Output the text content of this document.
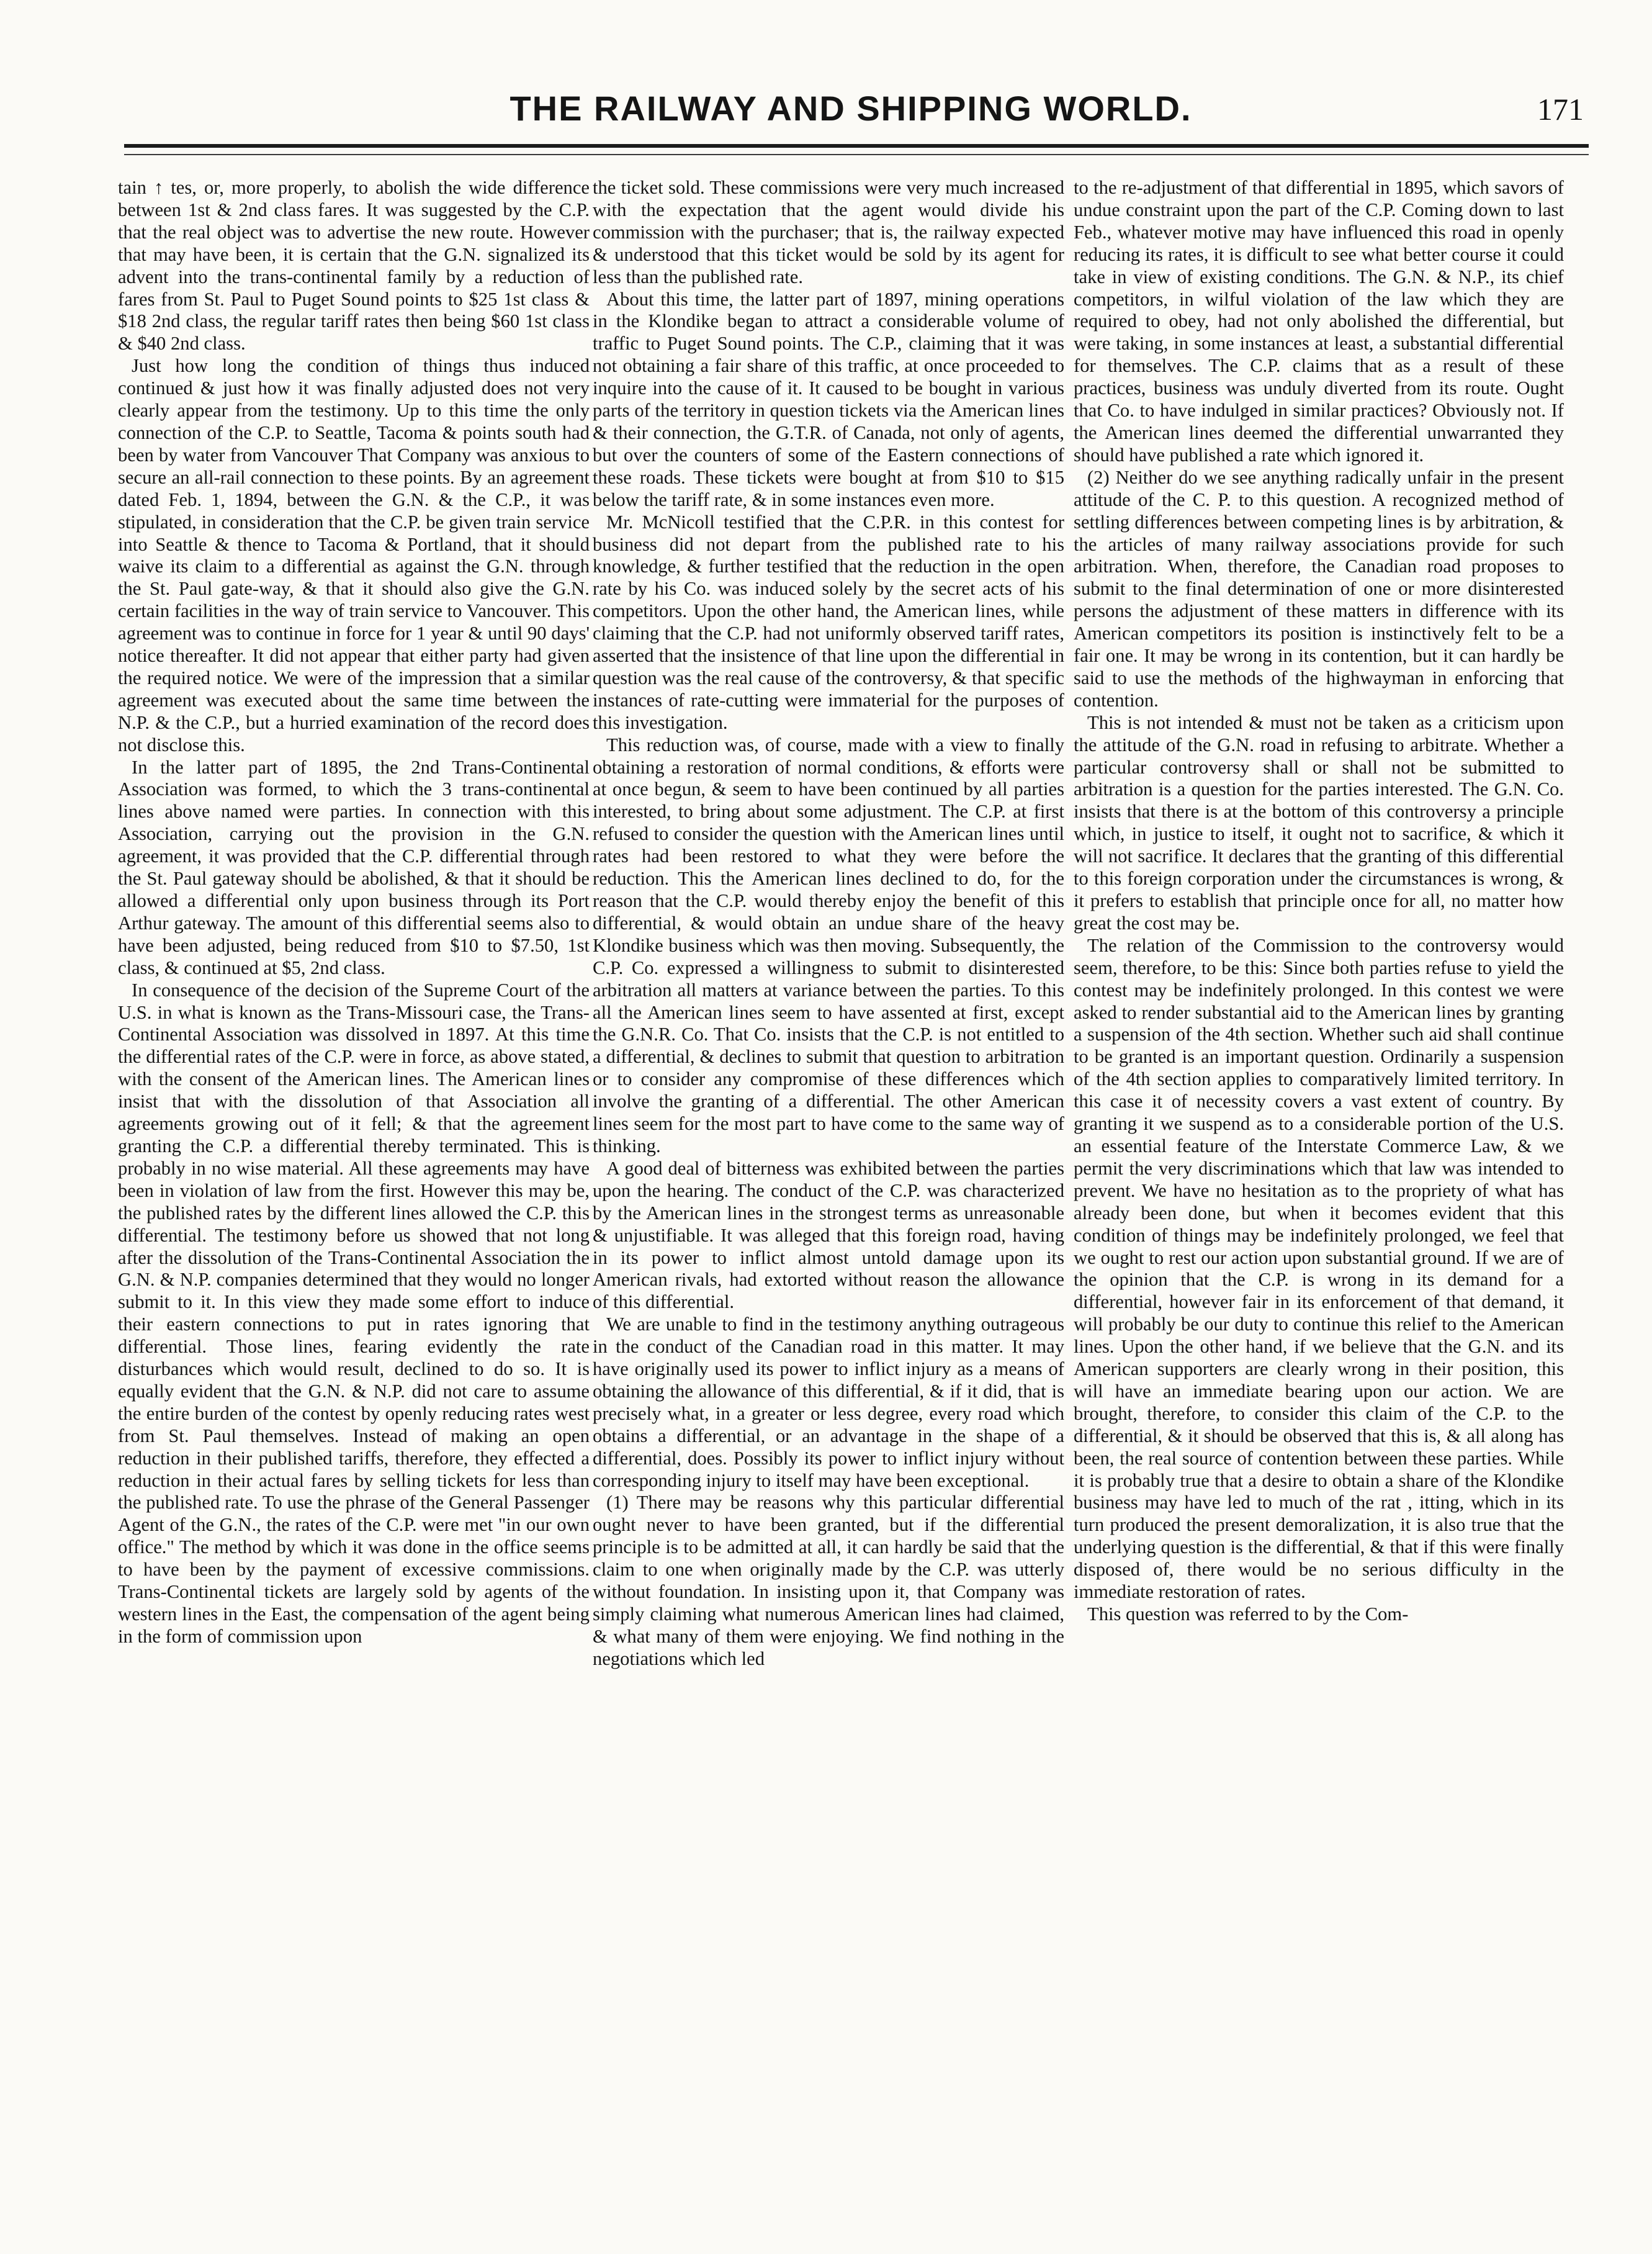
THE RAILWAY AND SHIPPING WORLD.	171

tain ↑ tes, or, more properly, to abolish the wide difference between 1st & 2nd class fares. It was suggested by the C.P. that the real object was to advertise the new route. However that may have been, it is certain that the G.N. signalized its advent into the trans-continental family by a reduction of fares from St. Paul to Puget Sound points to $25 1st class & $18 2nd class, the regular tariff rates then being $60 1st class & $40 2nd class.

Just how long the condition of things thus induced continued & just how it was finally adjusted does not very clearly appear from the testimony. Up to this time the only connection of the C.P. to Seattle, Tacoma & points south had been by water from Vancouver That Company was anxious to secure an all-rail connection to these points. By an agreement dated Feb. 1, 1894, between the G.N. & the C.P., it was stipulated, in consideration that the C.P. be given train service into Seattle & thence to Tacoma & Portland, that it should waive its claim to a differential as against the G.N. through the St. Paul gate-way, & that it should also give the G.N. certain facilities in the way of train service to Vancouver. This agreement was to continue in force for 1 year & until 90 days' notice thereafter. It did not appear that either party had given the required notice. We were of the impression that a similar agreement was executed about the same time between the N.P. & the C.P., but a hurried examination of the record does not disclose this.

In the latter part of 1895, the 2nd Trans-Continental Association was formed, to which the 3 trans-continental lines above named were parties. In connection with this Association, carrying out the provision in the G.N. agreement, it was provided that the C.P. differential through the St. Paul gateway should be abolished, & that it should be allowed a differential only upon business through its Port Arthur gateway. The amount of this differential seems also to have been adjusted, being reduced from $10 to $7.50, 1st class, & continued at $5, 2nd class.

In consequence of the decision of the Supreme Court of the U.S. in what is known as the Trans-Missouri case, the Trans-Continental Association was dissolved in 1897. At this time the differential rates of the C.P. were in force, as above stated, with the consent of the American lines. The American lines insist that with the dissolution of that Association all agreements growing out of it fell; & that the agreement granting the C.P. a differential thereby terminated. This is probably in no wise material. All these agreements may have been in violation of law from the first. However this may be, the published rates by the different lines allowed the C.P. this differential. The testimony before us showed that not long after the dissolution of the Trans-Continental Association the G.N. & N.P. companies determined that they would no longer submit to it. In this view they made some effort to induce their eastern connections to put in rates ignoring that differential. Those lines, fearing evidently the rate disturbances which would result, declined to do so. It is equally evident that the G.N. & N.P. did not care to assume the entire burden of the contest by openly reducing rates west from St. Paul themselves. Instead of making an open reduction in their published tariffs, therefore, they effected a reduction in their actual fares by selling tickets for less than the published rate. To use the phrase of the General Passenger Agent of the G.N., the rates of the C.P. were met "in our own office." The method by which it was done in the office seems to have been by the payment of excessive commissions. Trans-Continental tickets are largely sold by agents of the western lines in the East, the compensation of the agent being in the form of commission upon

the ticket sold. These commissions were very much increased with the expectation that the agent would divide his commission with the purchaser; that is, the railway expected & understood that this ticket would be sold by its agent for less than the published rate.

About this time, the latter part of 1897, mining operations in the Klondike began to attract a considerable volume of traffic to Puget Sound points. The C.P., claiming that it was not obtaining a fair share of this traffic, at once proceeded to inquire into the cause of it. It caused to be bought in various parts of the territory in question tickets via the American lines & their connection, the G.T.R. of Canada, not only of agents, but over the counters of some of the Eastern connections of these roads. These tickets were bought at from $10 to $15 below the tariff rate, & in some instances even more.

Mr. McNicoll testified that the C.P.R. in this contest for business did not depart from the published rate to his knowledge, & further testified that the reduction in the open rate by his Co. was induced solely by the secret acts of his competitors. Upon the other hand, the American lines, while claiming that the C.P. had not uniformly observed tariff rates, asserted that the insistence of that line upon the differential in question was the real cause of the controversy, & that specific instances of rate-cutting were immaterial for the purposes of this investigation.

This reduction was, of course, made with a view to finally obtaining a restoration of normal conditions, & efforts were at once begun, & seem to have been continued by all parties interested, to bring about some adjustment. The C.P. at first refused to consider the question with the American lines until rates had been restored to what they were before the reduction. This the American lines declined to do, for the reason that the C.P. would thereby enjoy the benefit of this differential, & would obtain an undue share of the heavy Klondike business which was then moving. Subsequently, the C.P. Co. expressed a willingness to submit to disinterested arbitration all matters at variance between the parties. To this all the American lines seem to have assented at first, except the G.N.R. Co. That Co. insists that the C.P. is not entitled to a differential, & declines to submit that question to arbitration or to consider any compromise of these differences which involve the granting of a differential. The other American lines seem for the most part to have come to the same way of thinking.

A good deal of bitterness was exhibited between the parties upon the hearing. The conduct of the C.P. was characterized by the American lines in the strongest terms as unreasonable & unjustifiable. It was alleged that this foreign road, having in its power to inflict almost untold damage upon its American rivals, had extorted without reason the allowance of this differential.

We are unable to find in the testimony anything outrageous in the conduct of the Canadian road in this matter. It may have originally used its power to inflict injury as a means of obtaining the allowance of this differential, & if it did, that is precisely what, in a greater or less degree, every road which obtains a differential, or an advantage in the shape of a differential, does. Possibly its power to inflict injury without corresponding injury to itself may have been exceptional.

(1) There may be reasons why this particular differential ought never to have been granted, but if the differential principle is to be admitted at all, it can hardly be said that the claim to one when originally made by the C.P. was utterly without foundation. In insisting upon it, that Company was simply claiming what numerous American lines had claimed, & what many of them were enjoying. We find nothing in the negotiations which led

to the re-adjustment of that differential in 1895, which savors of undue constraint upon the part of the C.P. Coming down to last Feb., whatever motive may have influenced this road in openly reducing its rates, it is difficult to see what better course it could take in view of existing conditions. The G.N. & N.P., its chief competitors, in wilful violation of the law which they are required to obey, had not only abolished the differential, but were taking, in some instances at least, a substantial differential for themselves. The C.P. claims that as a result of these practices, business was unduly diverted from its route. Ought that Co. to have indulged in similar practices? Obviously not. If the American lines deemed the differential unwarranted they should have published a rate which ignored it.

(2) Neither do we see anything radically unfair in the present attitude of the C. P. to this question. A recognized method of settling differences between competing lines is by arbitration, & the articles of many railway associations provide for such arbitration. When, therefore, the Canadian road proposes to submit to the final determination of one or more disinterested persons the adjustment of these matters in difference with its American competitors its position is instinctively felt to be a fair one. It may be wrong in its contention, but it can hardly be said to use the methods of the highwayman in enforcing that contention.

This is not intended & must not be taken as a criticism upon the attitude of the G.N. road in refusing to arbitrate. Whether a particular controversy shall or shall not be submitted to arbitration is a question for the parties interested. The G.N. Co. insists that there is at the bottom of this controversy a principle which, in justice to itself, it ought not to sacrifice, & which it will not sacrifice. It declares that the granting of this differential to this foreign corporation under the circumstances is wrong, & it prefers to establish that principle once for all, no matter how great the cost may be.

The relation of the Commission to the controversy would seem, therefore, to be this: Since both parties refuse to yield the contest may be indefinitely prolonged. In this contest we were asked to render substantial aid to the American lines by granting a suspension of the 4th section. Whether such aid shall continue to be granted is an important question. Ordinarily a suspension of the 4th section applies to comparatively limited territory. In this case it of necessity covers a vast extent of country. By granting it we suspend as to a considerable portion of the U.S. an essential feature of the Interstate Commerce Law, & we permit the very discriminations which that law was intended to prevent. We have no hesitation as to the propriety of what has already been done, but when it becomes evident that this condition of things may be indefinitely prolonged, we feel that we ought to rest our action upon substantial ground. If we are of the opinion that the C.P. is wrong in its demand for a differential, however fair in its enforcement of that demand, it will probably be our duty to continue this relief to the American lines. Upon the other hand, if we believe that the G.N. and its American supporters are clearly wrong in their position, this will have an immediate bearing upon our action. We are brought, therefore, to consider this claim of the C.P. to the differential, & it should be observed that this is, & all along has been, the real source of contention between these parties. While it is probably true that a desire to obtain a share of the Klondike business may have led to much of the rat , itting, which in its turn produced the present demoralization, it is also true that the underlying question is the differential, & that if this were finally disposed of, there would be no serious difficulty in the immediate restoration of rates.

This question was referred to by the Com-
